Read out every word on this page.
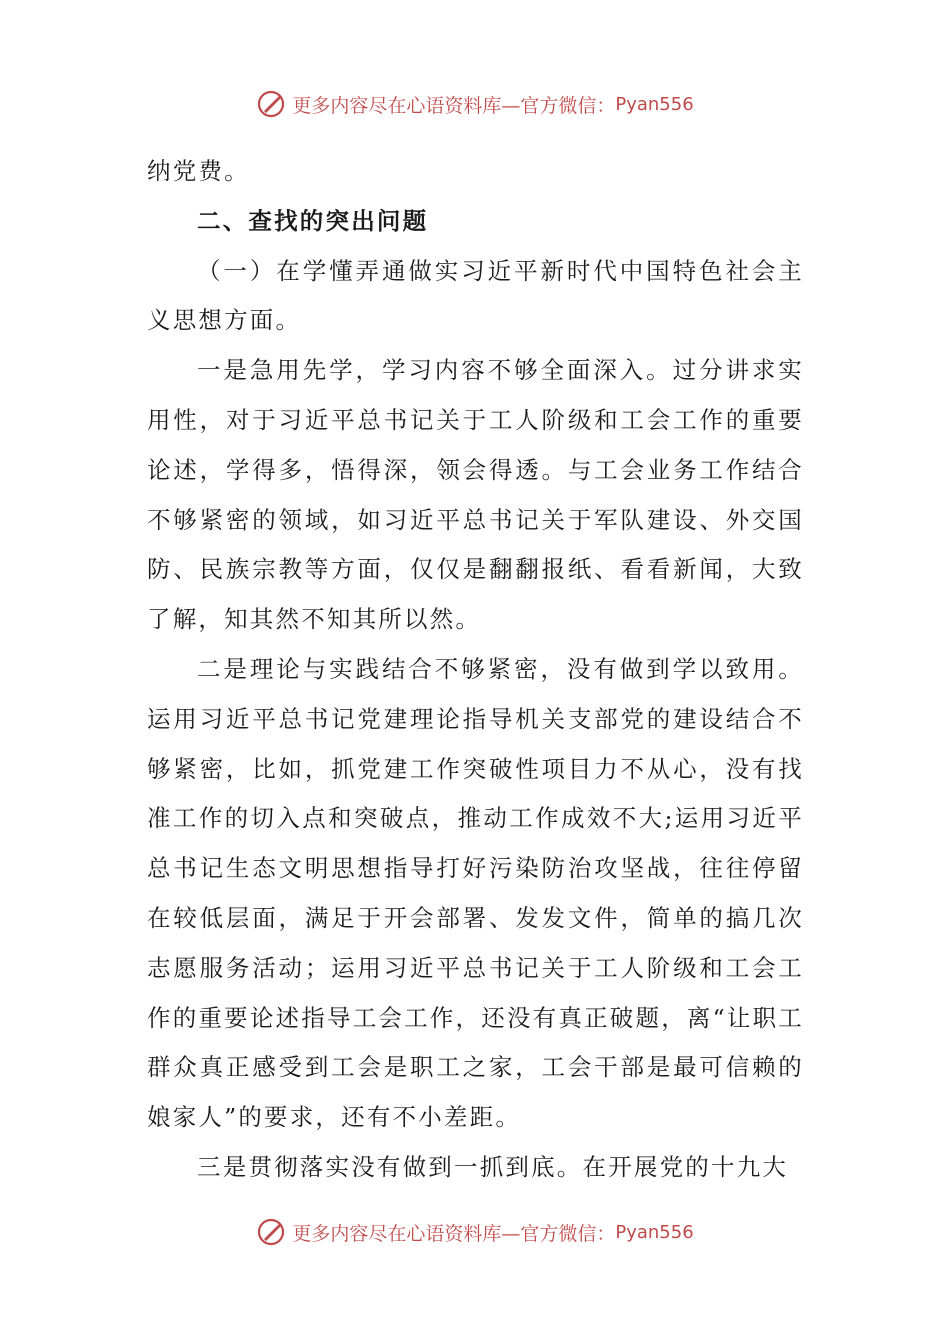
更多内容尽在心语资料库—官方微信： Pyan556

纳党费。

二、查找的突出问题

（一）在学懂弄通做实习近平新时代中国特色社会主义思想方面。

一是急用先学，学习内容不够全面深入。过分讲求实用性，对于习近平总书记关于工人阶级和工会工作的重要论述，学得多，悟得深，领会得透。与工会业务工作结合不够紧密的领域，如习近平总书记关于军队建设、外交国防、民族宗教等方面，仅仅是翻翻报纸、看看新闻，大致了解，知其然不知其所以然。

二是理论与实践结合不够紧密，没有做到学以致用。运用习近平总书记党建理论指导机关支部党的建设结合不够紧密，比如，抓党建工作突破性项目力不从心，没有找准工作的切入点和突破点，推动工作成效不大;运用习近平总书记生态文明思想指导打好污染防治攻坚战，往往停留在较低层面，满足于开会部署、发发文件，简单的搞几次志愿服务活动；运用习近平总书记关于工人阶级和工会工作的重要论述指导工会工作，还没有真正破题，离“让职工群众真正感受到工会是职工之家，工会干部是最可信赖的娘家人”的要求，还有不小差距。

三是贯彻落实没有做到一抓到底。在开展党的十九大

更多内容尽在心语资料库—官方微信： Pyan556
